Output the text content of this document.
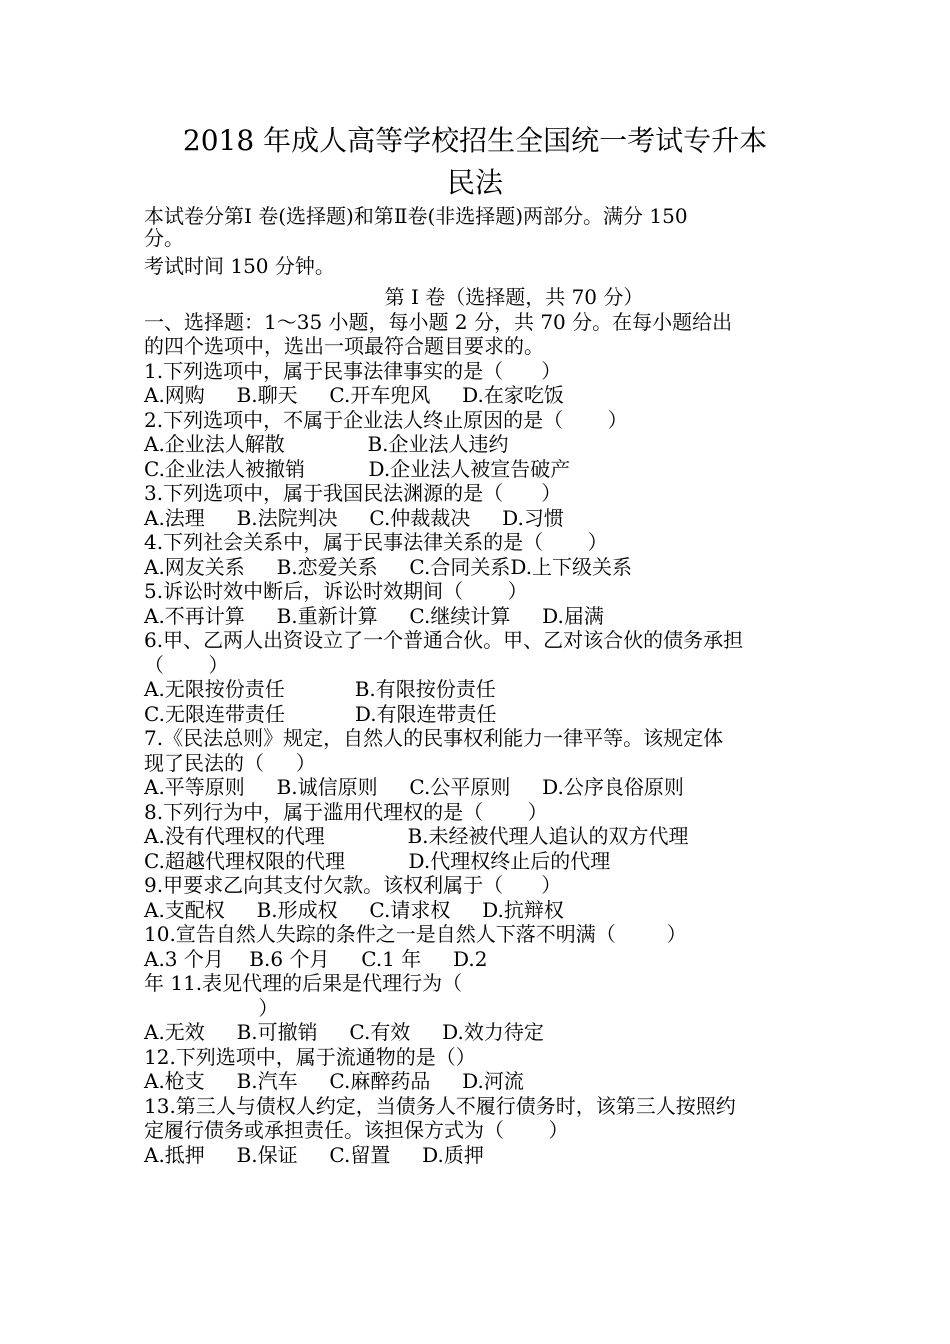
2018 年成人高等学校招生全国统一考试专升本
民法
本试卷分第Ⅰ 卷(选择题)和第Ⅱ卷(非选择题)两部分。满分 150
分。
考试时间 150 分钟。
第 Ⅰ 卷（选择题，共 70 分）
一、选择题：1～35 小题，每小题 2 分，共 70 分。在每小题给出
的四个选项中，选出一项最符合题目要求的。
1.下列选项中，属于民事法律事实的是（      ）
A.网购     B.聊天     C.开车兜风     D.在家吃饭
2.下列选项中，不属于企业法人终止原因的是（       ）
A.企业法人解散             B.企业法人违约
C.企业法人被撤销          D.企业法人被宣告破产
3.下列选项中，属于我国民法渊源的是（      ）
A.法理     B.法院判决     C.仲裁裁决     D.习惯
4.下列社会关系中，属于民事法律关系的是（       ）
A.网友关系     B.恋爱关系     C.合同关系D.上下级关系
5.诉讼时效中断后，诉讼时效期间（       ）
A.不再计算     B.重新计算     C.继续计算     D.届满
6.甲、乙两人出资设立了一个普通合伙。甲、乙对该合伙的债务承担
（       ）
A.无限按份责任           B.有限按份责任
C.无限连带责任           D.有限连带责任
7.《民法总则》规定，自然人的民事权利能力一律平等。该规定体
现了民法的（     ）
A.平等原则     B.诚信原则     C.公平原则     D.公序良俗原则
8.下列行为中，属于滥用代理权的是（       ）
A.没有代理权的代理             B.未经被代理人追认的双方代理
C.超越代理权限的代理          D.代理权终止后的代理
9.甲要求乙向其支付欠款。该权利属于（      ）
A.支配权     B.形成权     C.请求权     D.抗辩权
10.宣告自然人失踪的条件之一是自然人下落不明满（        ）
A.3 个月    B.6 个月     C.1 年     D.2
年 11.表见代理的后果是代理行为（
）
A.无效     B.可撤销     C.有效     D.效力待定
12.下列选项中，属于流通物的是（）
A.枪支     B.汽车     C.麻醉药品     D.河流
13.第三人与债权人约定，当债务人不履行债务时，该第三人按照约
定履行债务或承担责任。该担保方式为（       ）
A.抵押     B.保证     C.留置     D.质押
